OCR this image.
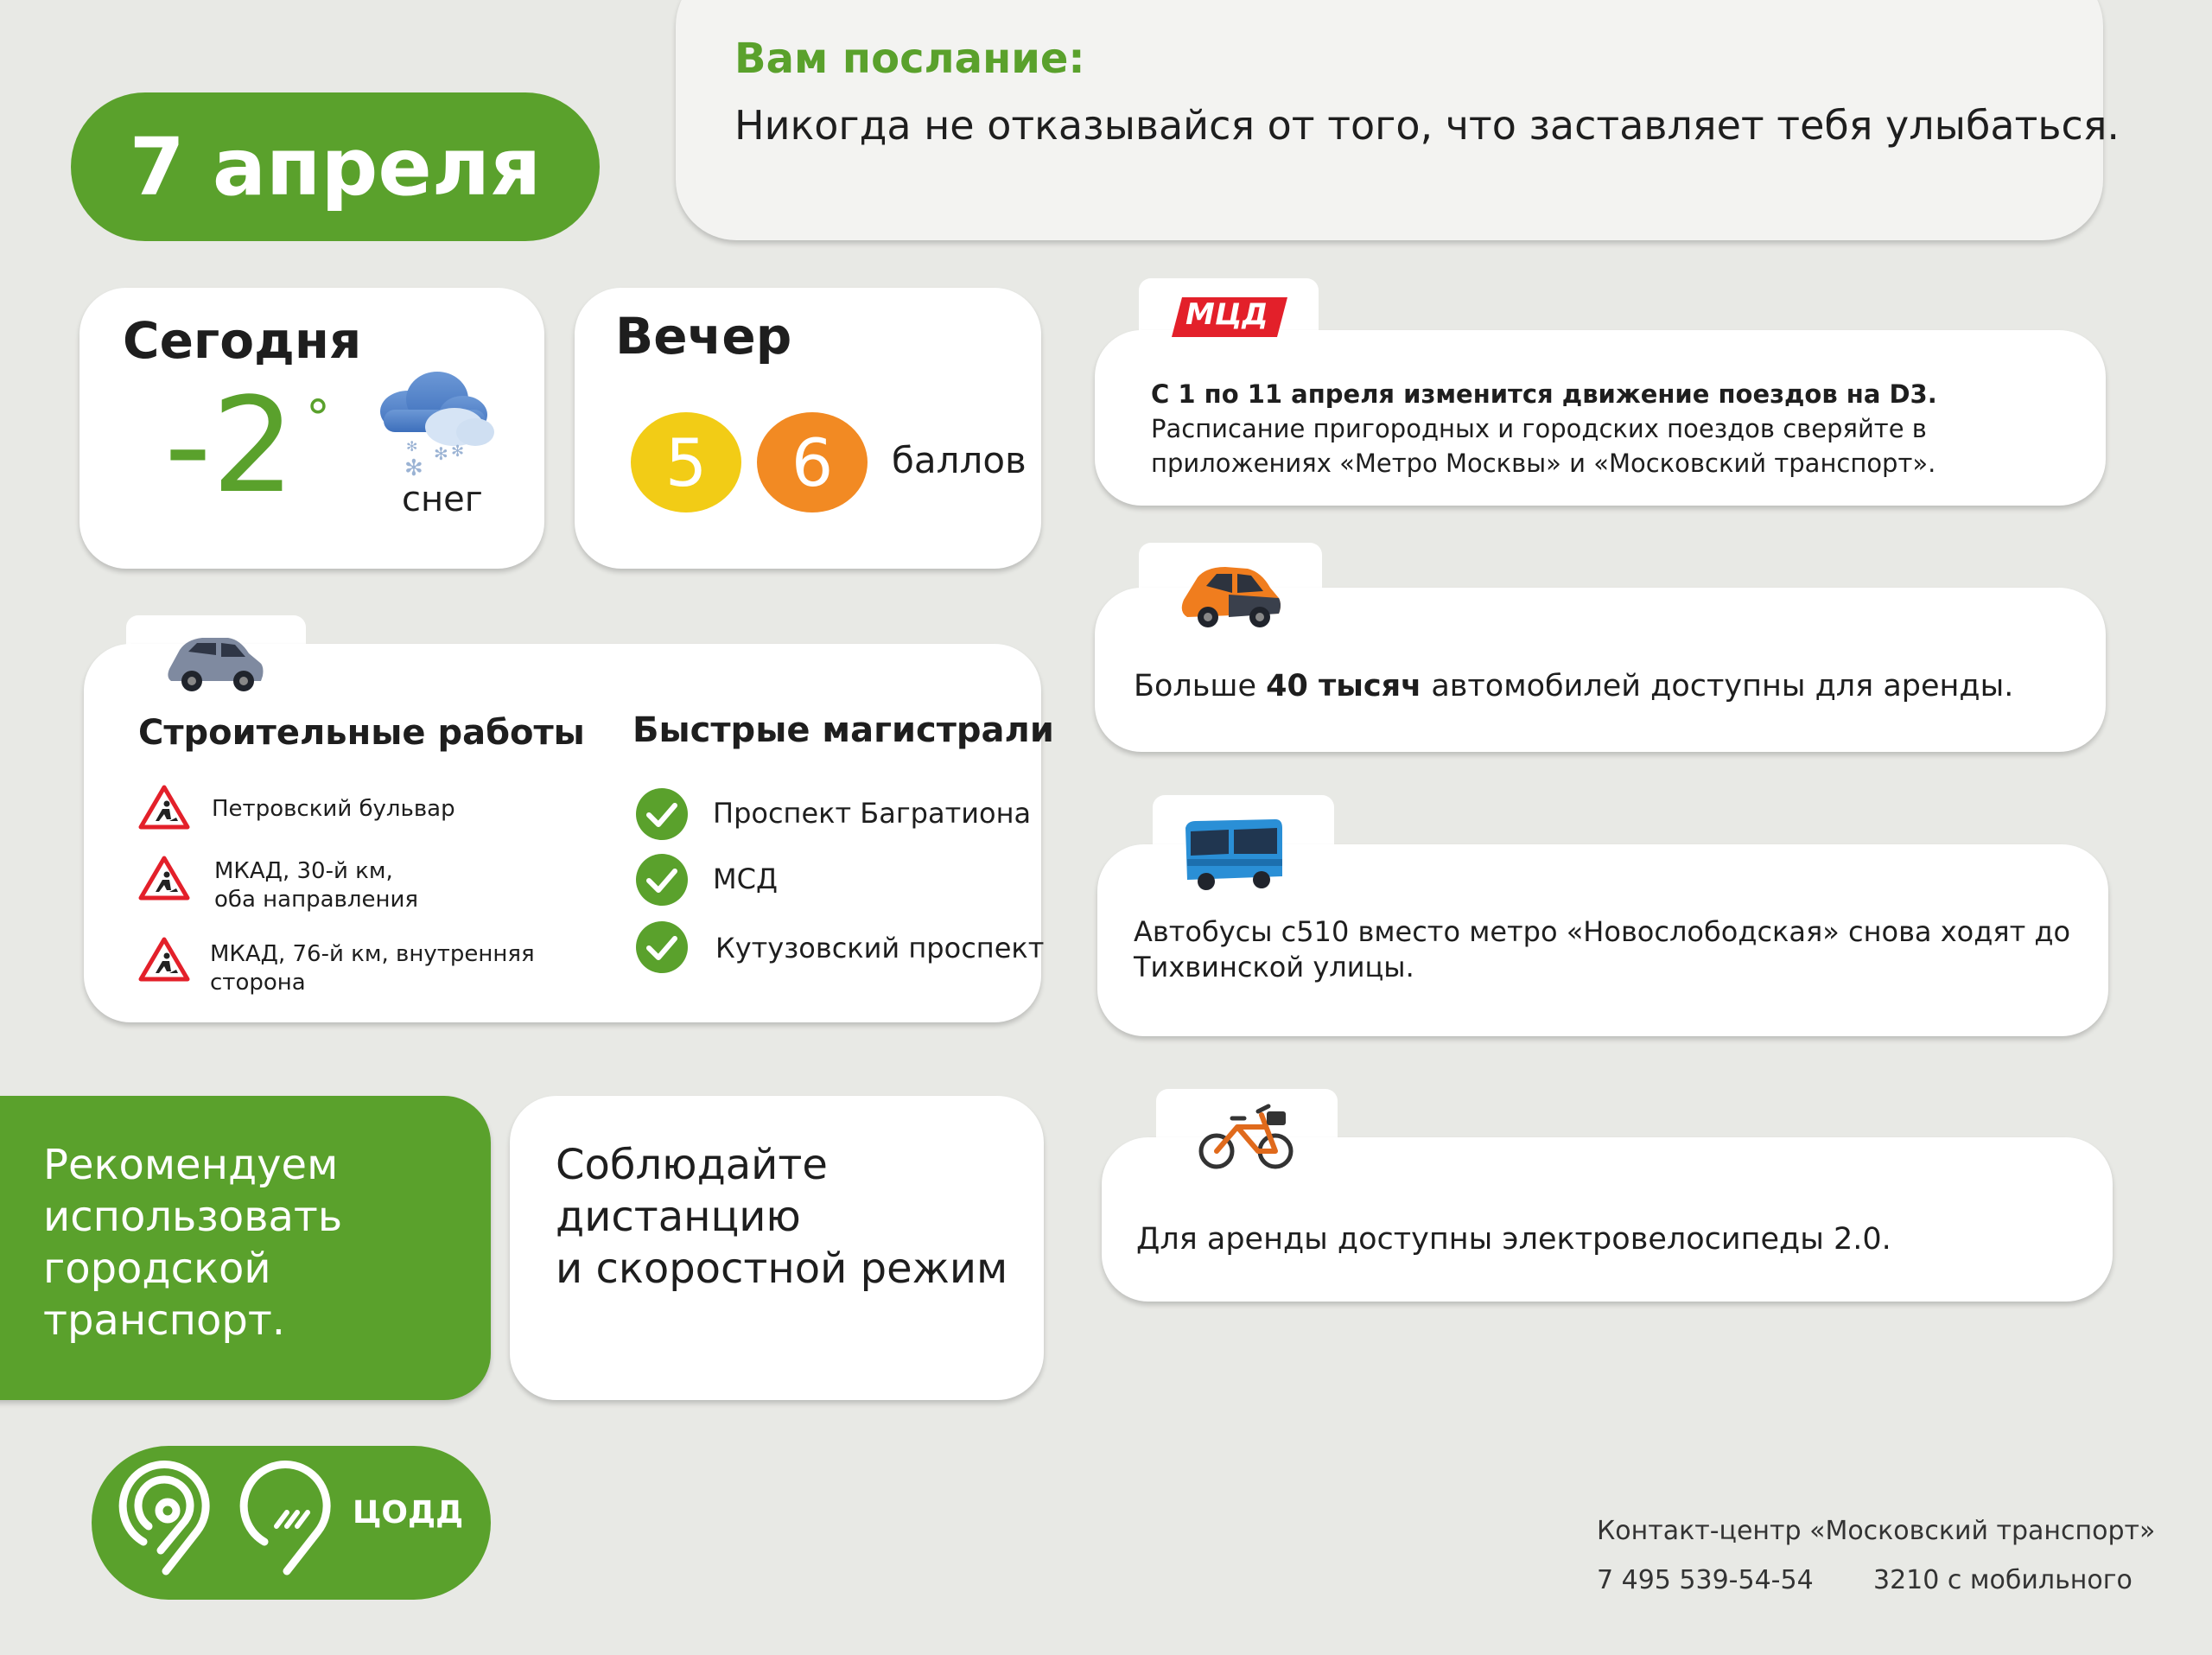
Вам послание:
Никогда не отказывайся от того, что заставляет тебя улыбаться.
7 апреля
Сегодня
-2 °
✻
✻ ✻
✻
снег
Вечер
5	6	баллов
Строительные работы Быстрые магистрали
Петровский бульвар
МКАД, 30-й км,
оба направления
МКАД, 76-й км, внутренняя
сторона
Проспект Багратиона
МСД
Кутузовский проспект
Рекомендуем
использовать
городской
транспорт.
Соблюдайте
дистанцию
и скоростной режим
МЦД
С 1 по 11 апреля изменится движение поездов на D3.
Расписание пригородных и городских поездов сверяйте в
приложениях «Метро Москвы» и «Московский транспорт».
Больше 40 тысяч автомобилей доступны для аренды.
Автобусы с510 вместо метро «Новослободская» снова ходят до
Тихвинской улицы.
Для аренды доступны электровелосипеды 2.0.
ЦОДД
Контакт-центр «Московский транспорт»
7 495 539-54-54 3210 с мобильного
